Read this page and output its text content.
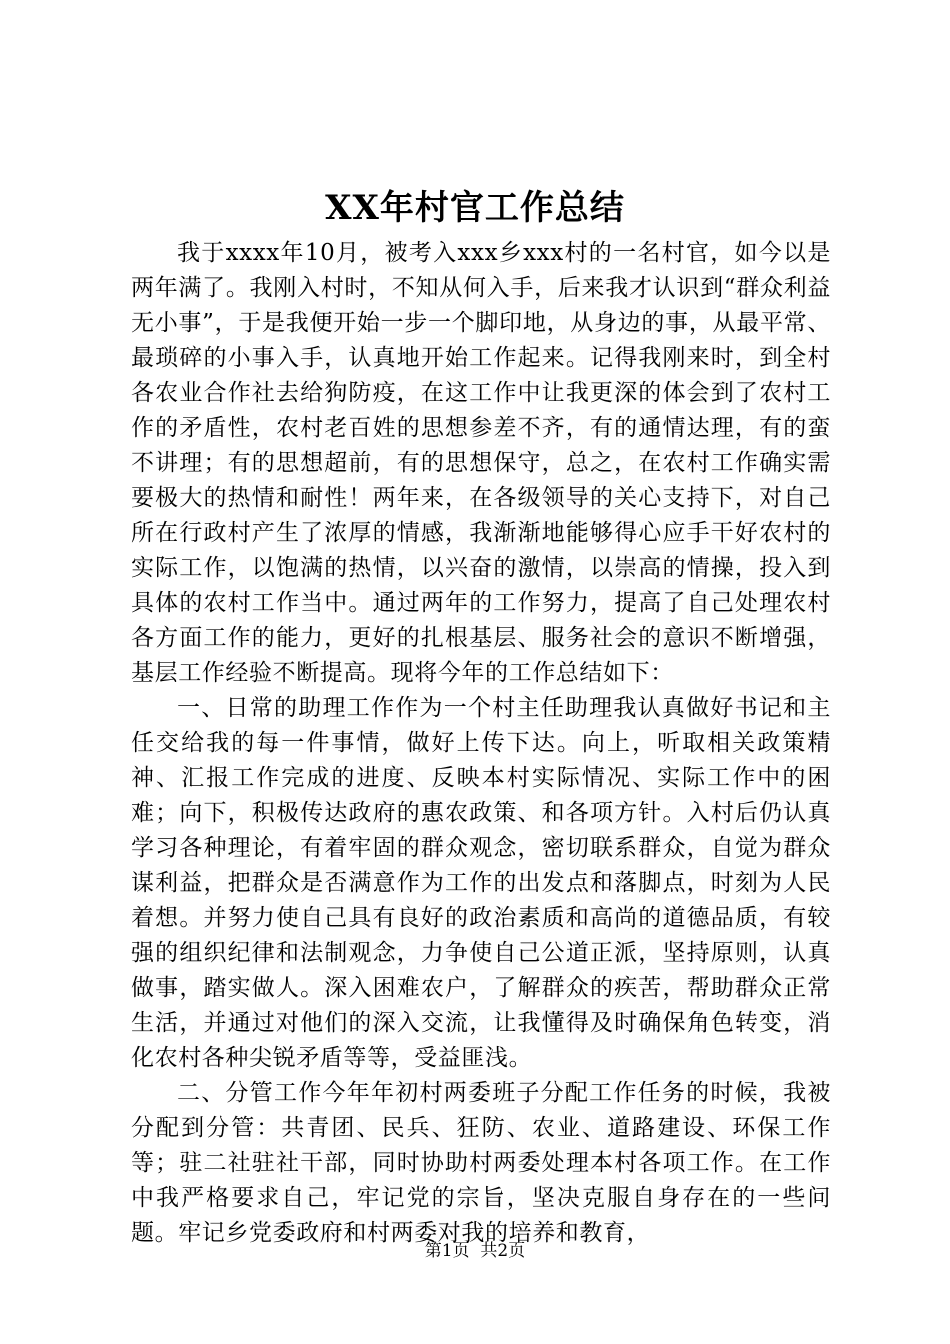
XX年村官工作总结

我于xxxx年10月，被考入xxx乡xxx村的一名村官，如今以是两年满了。我刚入村时，不知从何入手，后来我才认识到“群众利益无小事”，于是我便开始一步一个脚印地，从身边的事，从最平常、最琐碎的小事入手，认真地开始工作起来。记得我刚来时，到全村各农业合作社去给狗防疫，在这工作中让我更深的体会到了农村工作的矛盾性，农村老百姓的思想参差不齐，有的通情达理，有的蛮不讲理；有的思想超前，有的思想保守，总之，在农村工作确实需要极大的热情和耐性！两年来，在各级领导的关心支持下，对自己所在行政村产生了浓厚的情感，我渐渐地能够得心应手干好农村的实际工作，以饱满的热情，以兴奋的激情，以崇高的情操，投入到具体的农村工作当中。通过两年的工作努力，提高了自己处理农村各方面工作的能力，更好的扎根基层、服务社会的意识不断增强，基层工作经验不断提高。现将今年的工作总结如下：

一、日常的助理工作作为一个村主任助理我认真做好书记和主任交给我的每一件事情，做好上传下达。向上，听取相关政策精神、汇报工作完成的进度、反映本村实际情况、实际工作中的困难；向下，积极传达政府的惠农政策、和各项方针。入村后仍认真学习各种理论，有着牢固的群众观念，密切联系群众，自觉为群众谋利益，把群众是否满意作为工作的出发点和落脚点，时刻为人民着想。并努力使自己具有良好的政治素质和高尚的道德品质，有较强的组织纪律和法制观念，力争使自己公道正派，坚持原则，认真做事，踏实做人。深入困难农户，了解群众的疾苦，帮助群众正常生活，并通过对他们的深入交流，让我懂得及时确保角色转变，消化农村各种尖锐矛盾等等，受益匪浅。

二、分管工作今年年初村两委班子分配工作任务的时候，我被分配到分管：共青团、民兵、狂防、农业、道路建设、环保工作等；驻二社驻社干部，同时协助村两委处理本村各项工作。在工作中我严格要求自己，牢记党的宗旨，坚决克服自身存在的一些问题。牢记乡党委政府和村两委对我的培养和教育，

第1页 共2页
